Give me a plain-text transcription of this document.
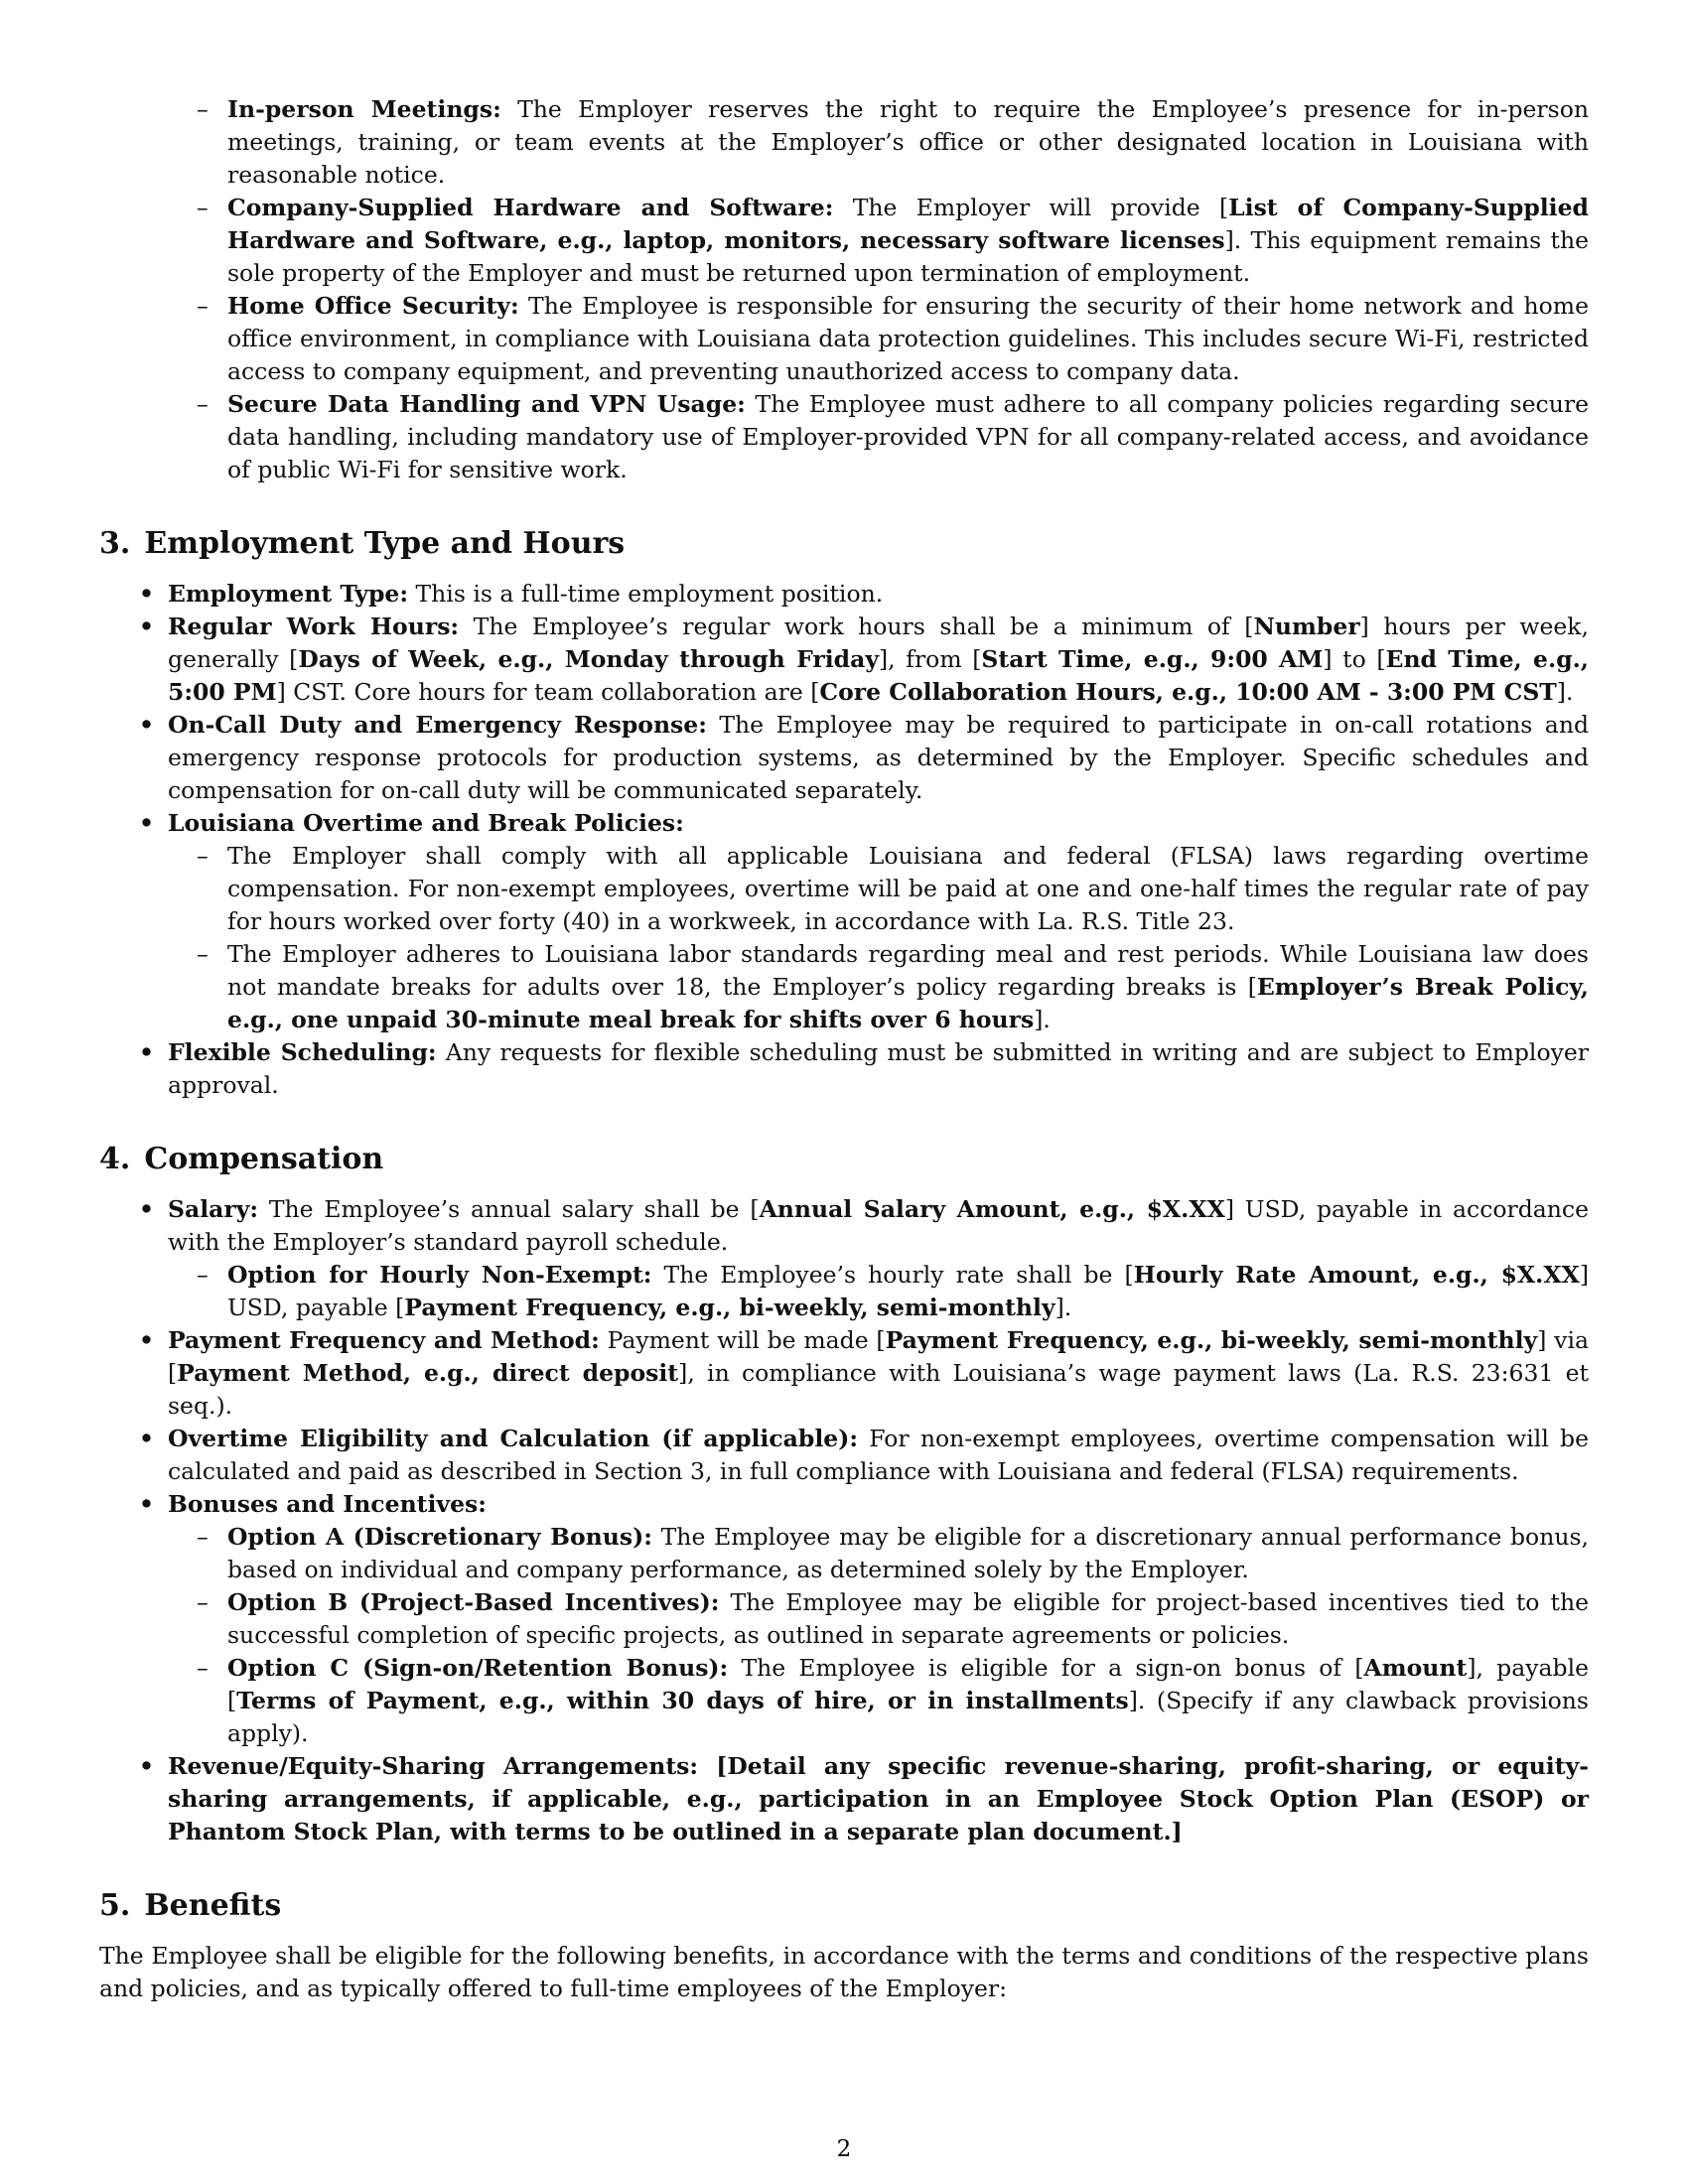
– In-person Meetings: The Employer reserves the right to require the Employee’s presence for in-person meetings, training, or team events at the Employer’s office or other designated location in Louisiana with reasonable notice.
– Company-Supplied Hardware and Software: The Employer will provide [List of Company-Supplied Hardware and Software, e.g., laptop, monitors, necessary software licenses]. This equipment remains the sole property of the Employer and must be returned upon termination of employment.
– Home Office Security: The Employee is responsible for ensuring the security of their home network and home office environment, in compliance with Louisiana data protection guidelines. This includes secure Wi-Fi, restricted access to company equipment, and preventing unauthorized access to company data.
– Secure Data Handling and VPN Usage: The Employee must adhere to all company policies regarding secure data handling, including mandatory use of Employer-provided VPN for all company-related access, and avoidance of public Wi-Fi for sensitive work.
3. Employment Type and Hours
• Employment Type: This is a full-time employment position.
• Regular Work Hours: The Employee’s regular work hours shall be a minimum of [Number] hours per week, generally [Days of Week, e.g., Monday through Friday], from [Start Time, e.g., 9:00 AM] to [End Time, e.g., 5:00 PM] CST. Core hours for team collaboration are [Core Collaboration Hours, e.g., 10:00 AM - 3:00 PM CST].
• On-Call Duty and Emergency Response: The Employee may be required to participate in on-call rotations and emergency response protocols for production systems, as determined by the Employer. Specific schedules and compensation for on-call duty will be communicated separately.
• Louisiana Overtime and Break Policies:
– The Employer shall comply with all applicable Louisiana and federal (FLSA) laws regarding overtime compensation. For non-exempt employees, overtime will be paid at one and one-half times the regular rate of pay for hours worked over forty (40) in a workweek, in accordance with La. R.S. Title 23.
– The Employer adheres to Louisiana labor standards regarding meal and rest periods. While Louisiana law does not mandate breaks for adults over 18, the Employer’s policy regarding breaks is [Employer’s Break Policy, e.g., one unpaid 30-minute meal break for shifts over 6 hours].
• Flexible Scheduling: Any requests for flexible scheduling must be submitted in writing and are subject to Employer approval.
4. Compensation
• Salary: The Employee’s annual salary shall be [Annual Salary Amount, e.g., $X.XX] USD, payable in accordance with the Employer’s standard payroll schedule.
– Option for Hourly Non-Exempt: The Employee’s hourly rate shall be [Hourly Rate Amount, e.g., $X.XX] USD, payable [Payment Frequency, e.g., bi-weekly, semi-monthly].
• Payment Frequency and Method: Payment will be made [Payment Frequency, e.g., bi-weekly, semi-monthly] via [Payment Method, e.g., direct deposit], in compliance with Louisiana’s wage payment laws (La. R.S. 23:631 et seq.).
• Overtime Eligibility and Calculation (if applicable): For non-exempt employees, overtime compensation will be calculated and paid as described in Section 3, in full compliance with Louisiana and federal (FLSA) requirements.
• Bonuses and Incentives:
– Option A (Discretionary Bonus): The Employee may be eligible for a discretionary annual performance bonus, based on individual and company performance, as determined solely by the Employer.
– Option B (Project-Based Incentives): The Employee may be eligible for project-based incentives tied to the successful completion of specific projects, as outlined in separate agreements or policies.
– Option C (Sign-on/Retention Bonus): The Employee is eligible for a sign-on bonus of [Amount], payable [Terms of Payment, e.g., within 30 days of hire, or in installments]. (Specify if any clawback provisions apply).
• Revenue/Equity-Sharing Arrangements: [Detail any specific revenue-sharing, profit-sharing, or equity-sharing arrangements, if applicable, e.g., participation in an Employee Stock Option Plan (ESOP) or Phantom Stock Plan, with terms to be outlined in a separate plan document.]
5. Benefits

The Employee shall be eligible for the following benefits, in accordance with the terms and conditions of the respective plans and policies, and as typically offered to full-time employees of the Employer:

2
